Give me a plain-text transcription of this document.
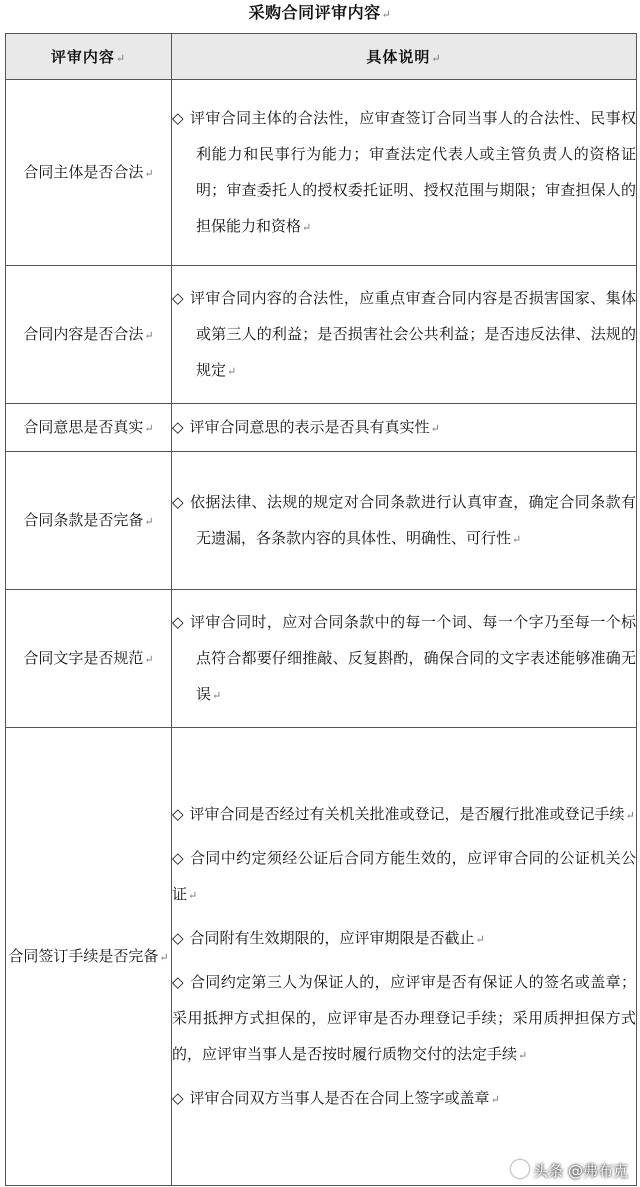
采购合同评审内容↵
评审内容↵	具体说明↵
合同主体是否合法↵	◇ 评审合同主体的合法性，应审查签订合同当事人的合法性、民事权利能力和民事行为能力；审查法定代表人或主管负责人的资格证明；审查委托人的授权委托证明、授权范围与期限；审查担保人的担保能力和资格↵

合同内容是否合法↵	◇ 评审合同内容的合法性，应重点审查合同内容是否损害国家、集体或第三人的利益；是否损害社会公共利益；是否违反法律、法规的规定↵

合同意思是否真实↵	◇ 评审合同意思的表示是否具有真实性↵

合同条款是否完备↵	◇ 依据法律、法规的规定对合同条款进行认真审查，确定合同条款有无遗漏，各条款内容的具体性、明确性、可行性↵

合同文字是否规范↵	◇ 评审合同时，应对合同条款中的每一个词、每一个字乃至每一个标点符合都要仔细推敲、反复斟酌，确保合同的文字表述能够准确无误↵

合同签订手续是否完备↵	◇ 评审合同是否经过有关机关批准或登记，是否履行批准或登记手续↵

◇ 合同中约定须经公证后合同方能生效的，应评审合同的公证机关公证↵

◇ 合同附有生效期限的，应评审期限是否截止↵

◇ 合同约定第三人为保证人的，应评审是否有保证人的签名或盖章；采用抵押方式担保的，应评审是否办理登记手续；采用质押担保方式的，应评审当事人是否按时履行质物交付的法定手续↵

◇ 评审合同双方当事人是否在合同上签字或盖章↵

头条 @弗布克
